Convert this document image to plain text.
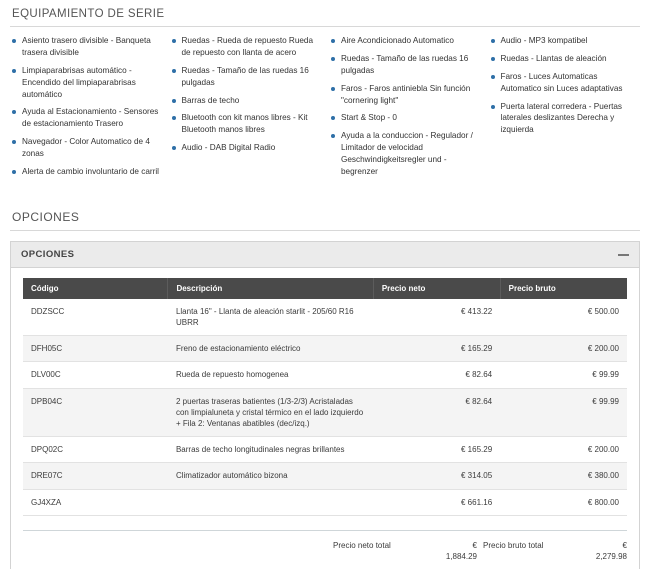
EQUIPAMIENTO DE SERIE
Asiento trasero divisible - Banqueta trasera divisible
Limpiaparabrisas automático - Encendido del limpiaparabrisas automático
Ayuda al Estacionamiento - Sensores de estacionamiento Trasero
Navegador - Color Automatico de 4 zonas
Alerta de cambio involuntario de carril
Ruedas - Rueda de repuesto Rueda de repuesto con llanta de acero
Ruedas - Tamaño de las ruedas 16 pulgadas
Barras de techo
Bluetooth con kit manos libres - Kit Bluetooth manos libres
Audio - DAB Digital Radio
Aire Acondicionado Automatico
Ruedas - Tamaño de las ruedas 16 pulgadas
Faros - Faros antiniebla Sin función "cornering light"
Start & Stop - 0
Ayuda a la conduccion - Regulador / Limitador de velocidad Geschwindigkeitsregler und - begrenzer
Audio - MP3 kompatibel
Ruedas - Llantas de aleación
Faros - Luces Automaticas Automatico sin Luces adaptativas
Puerta lateral corredera - Puertas laterales deslizantes Derecha y izquierda
OPCIONES
OPCIONES
Código	Descripción	Precio neto	Precio bruto
DDZSCC	Llanta 16" - Llanta de aleación starlit - 205/60 R16 UBRR	€ 413.22	€ 500.00
DFH05C	Freno de estacionamiento eléctrico	€ 165.29	€ 200.00
DLV00C	Rueda de repuesto homogenea	€ 82.64	€ 99.99
DPB04C	2 puertas traseras batientes (1/3-2/3) Acristaladas con limpialuneta y cristal térmico en el lado izquierdo + Fila 2: Ventanas abatibles (dec/izq.)	€ 82.64	€ 99.99
DPQ02C	Barras de techo longitudinales negras brillantes	€ 165.29	€ 200.00
DRE07C	Climatizador automático bizona	€ 314.05	€ 380.00
GJ4XZA		€ 661.16	€ 800.00
Precio neto total	€
1,884.29
Precio bruto total	€
2,279.98
